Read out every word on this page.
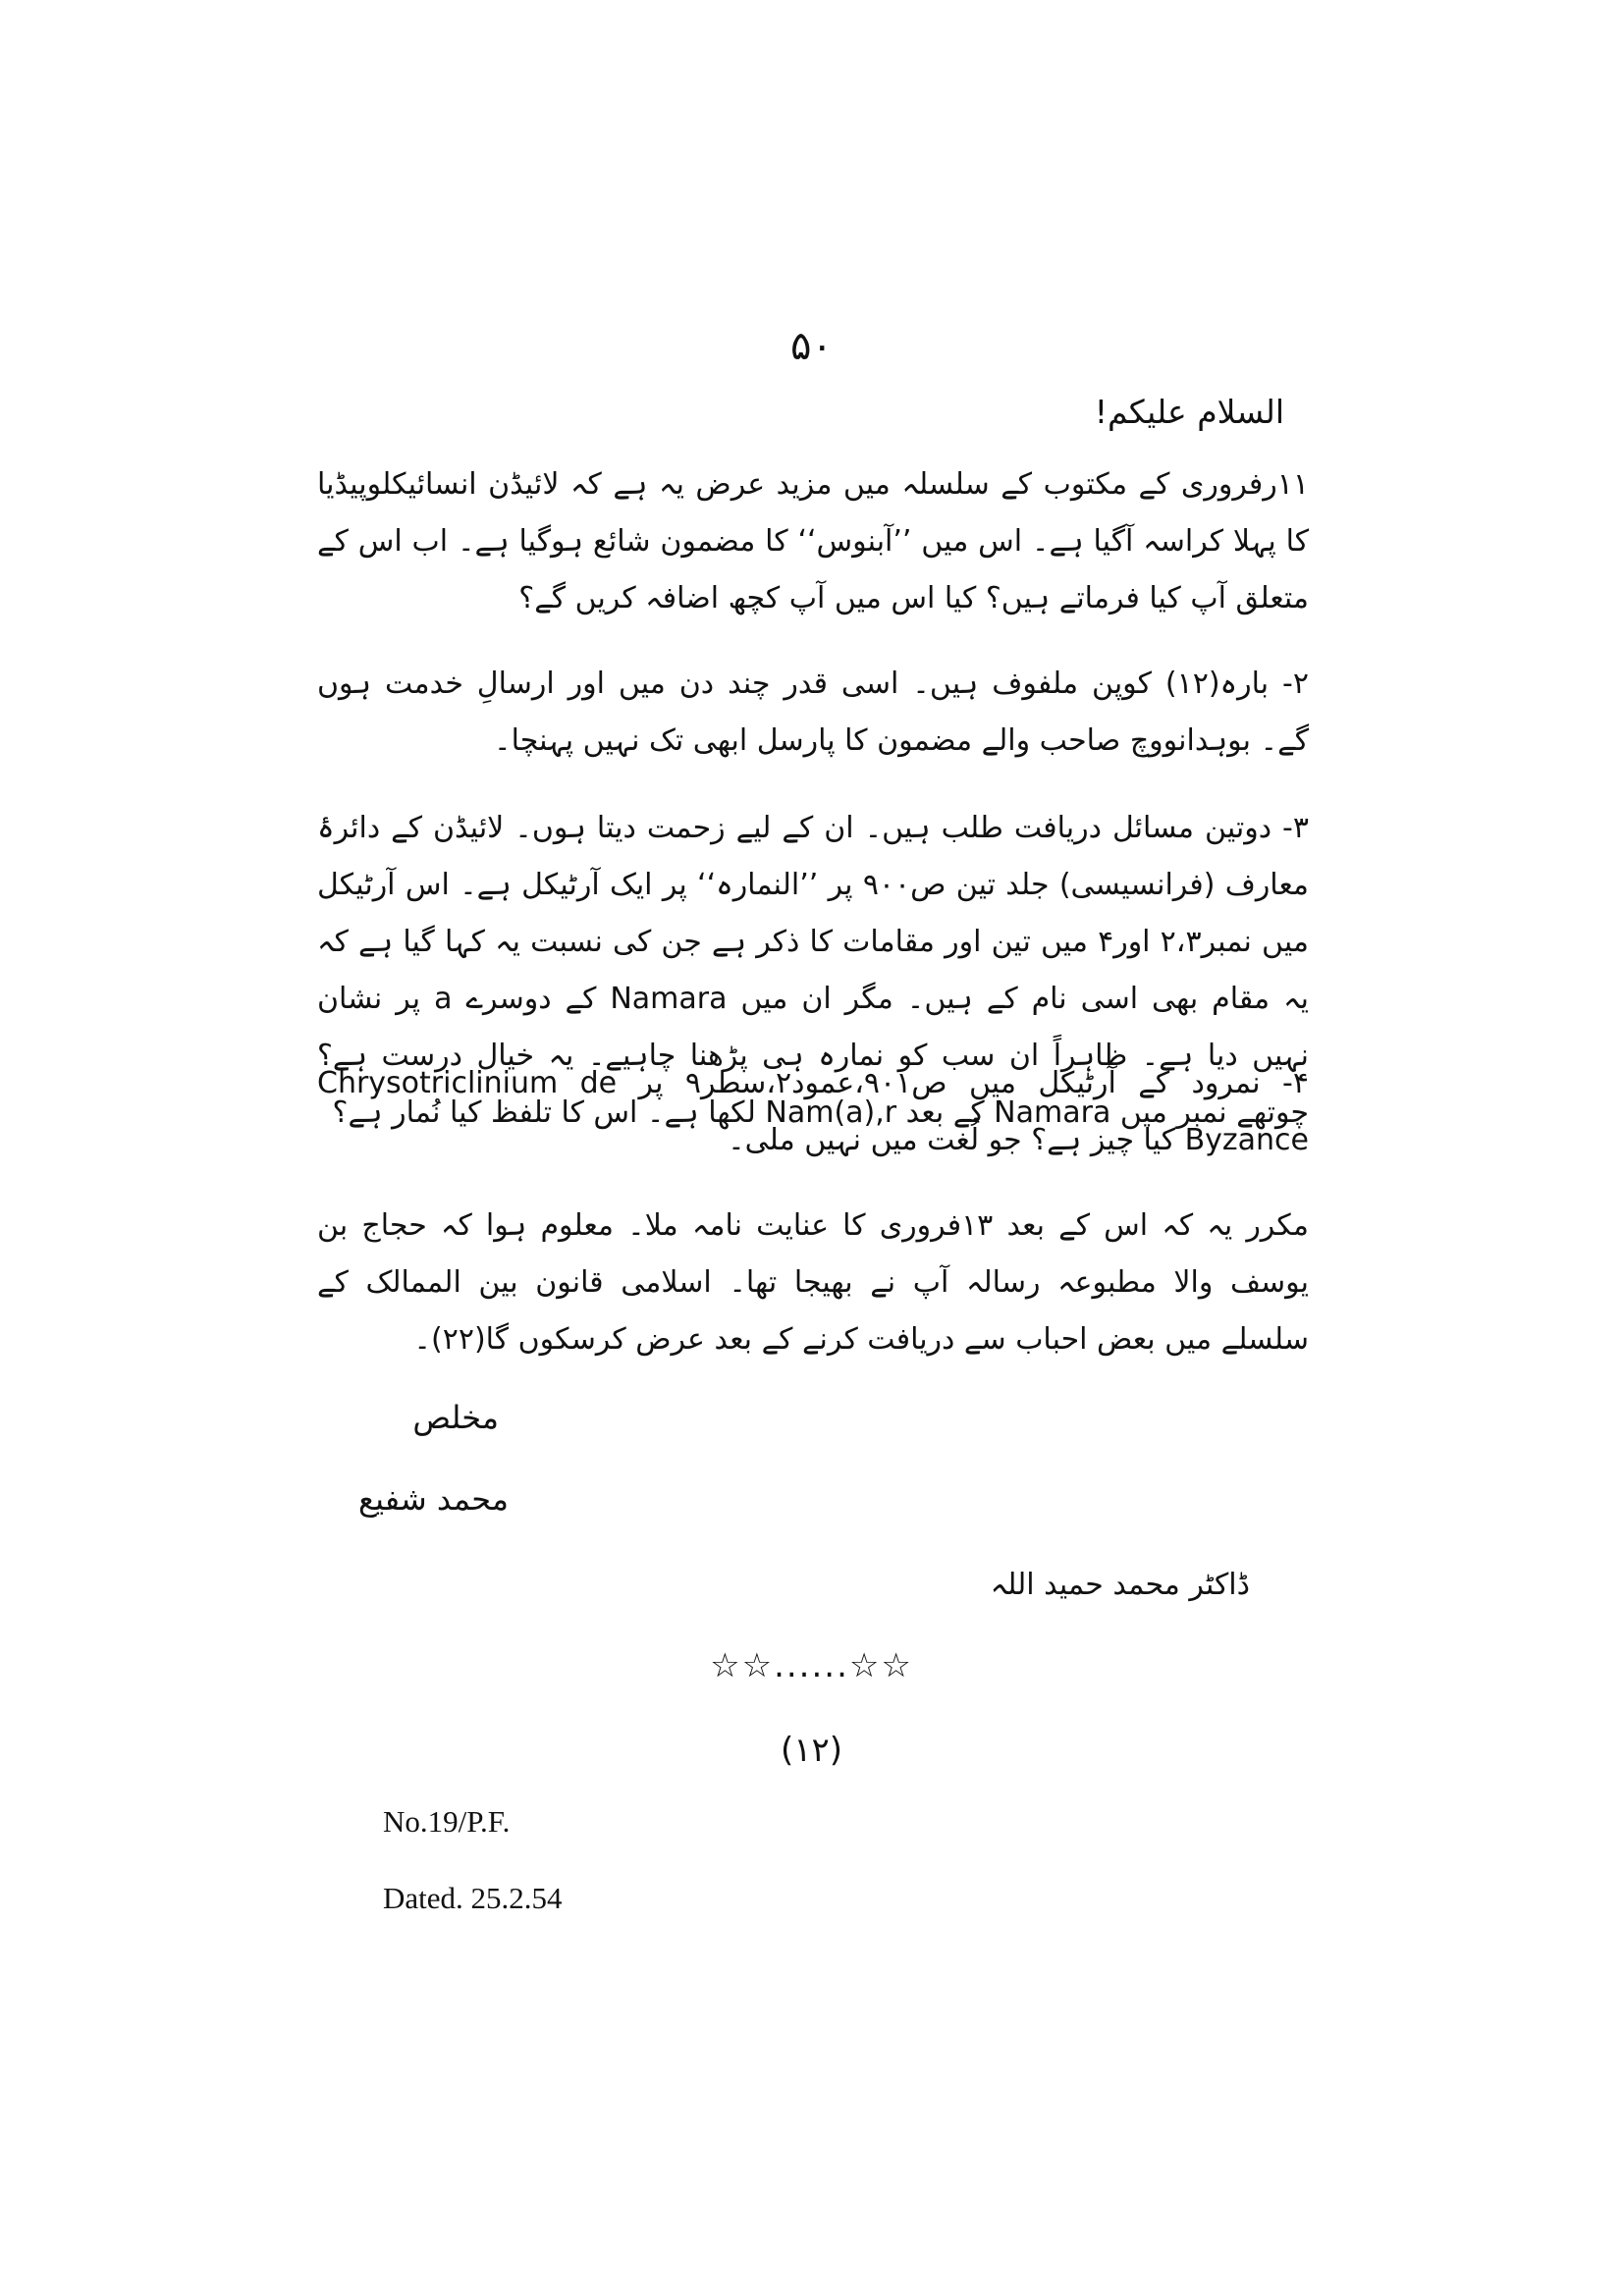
۵۰
السلام علیکم!
۱۱رفروری کے مکتوب کے سلسلہ میں مزید عرض یہ ہے کہ لائیڈن انسائیکلوپیڈیا کا پہلا کراسہ آگیا ہے۔ اس میں ’’آبنوس‘‘ کا مضمون شائع ہوگیا ہے۔ اب اس کے متعلق آپ کیا فرماتے ہیں؟ کیا اس میں آپ کچھ اضافہ کریں گے؟
۲- بارہ(۱۲) کوپن ملفوف ہیں۔ اسی قدر چند دن میں اور ارسالِ خدمت ہوں گے۔ بوہدانووچ صاحب والے مضمون کا پارسل ابھی تک نہیں پہنچا۔
۳- دوتین مسائل دریافت طلب ہیں۔ ان کے لیے زحمت دیتا ہوں۔ لائیڈن کے دائرۂ معارف (فرانسیسی) جلد تین ص۹۰۰ پر ’’النمارہ‘‘ پر ایک آرٹیکل ہے۔ اس آرٹیکل میں نمبر۲،۳ اور۴ میں تین اور مقامات کا ذکر ہے جن کی نسبت یہ کہا گیا ہے کہ یہ مقام بھی اسی نام کے ہیں۔ مگر ان میں Namara کے دوسرے a پر نشان نہیں دیا ہے۔ ظاہراً ان سب کو نمارہ ہی پڑھنا چاہیے۔ یہ خیال درست ہے؟ چوتھے نمبر میں Namara کے بعد Nam(a),r لکھا ہے۔ اس کا تلفظ کیا نُمار ہے؟
۴- نمرود کے آرٹیکل میں ص۹۰۱،عمود۲،سطر۹ پر Chrysotriclinium de Byzance کیا چیز ہے؟ جو لُغت میں نہیں ملی۔
مکرر یہ کہ اس کے بعد ۱۳فروری کا عنایت نامہ ملا۔ معلوم ہوا کہ حجاج بن یوسف والا مطبوعہ رسالہ آپ نے بھیجا تھا۔ اسلامی قانون بین الممالک کے سلسلے میں بعض احباب سے دریافت کرنے کے بعد عرض کرسکوں گا(۲۲)۔
مخلص
محمد شفیع
ڈاکٹر محمد حمید اللہ
☆☆......☆☆
(۱۲)
No.19/P.F.
Dated. 25.2.54
